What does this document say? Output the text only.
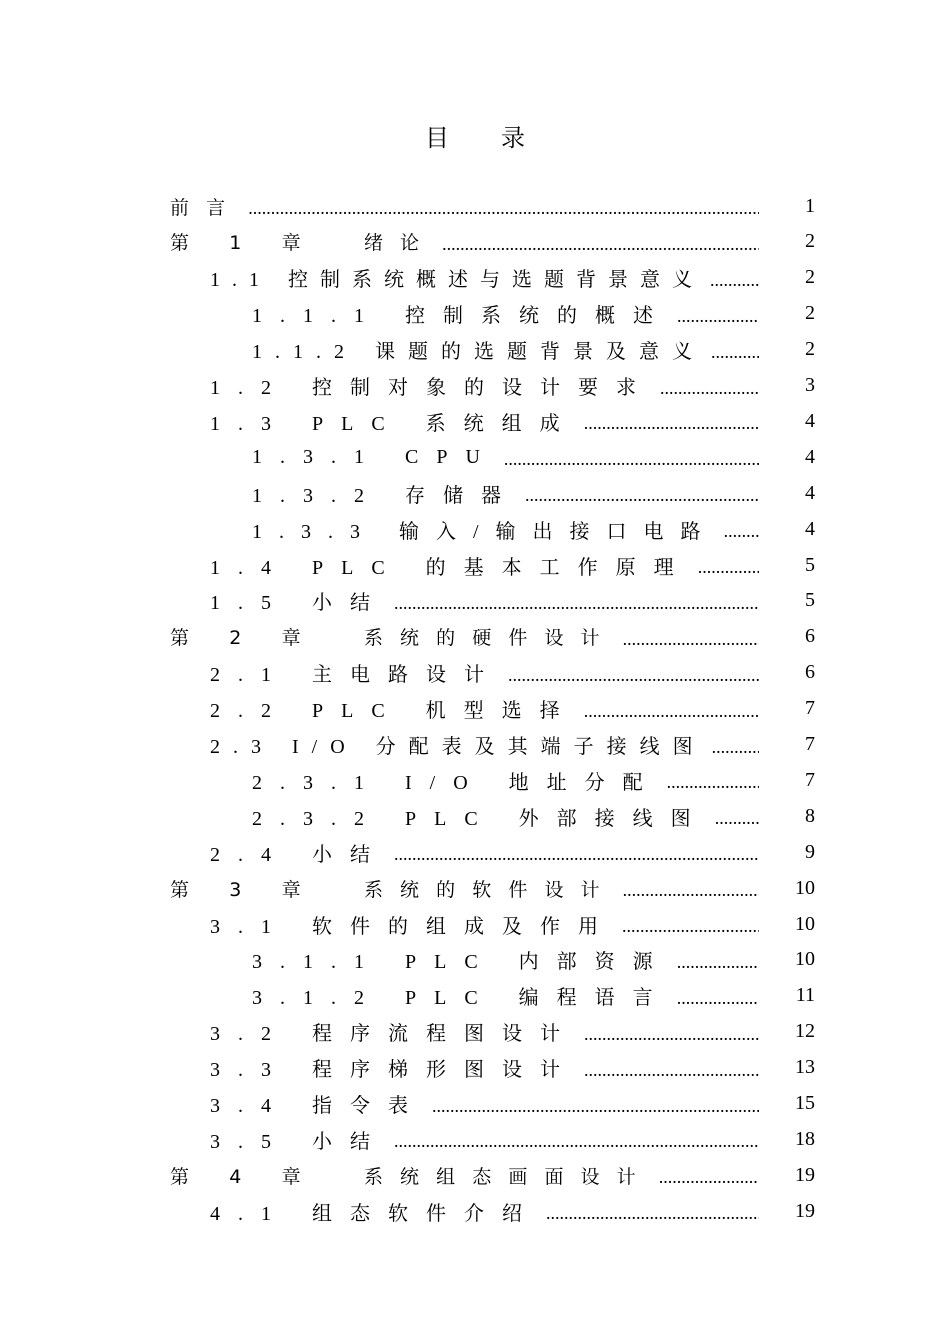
目 录
前言 .....	1
第 1 章  绪论 .....	2
1.1 控制系统概述与选题背景意义 .....	2
1.1.1 控制系统的概述 .....	2
1.1.2 课题的选题背景及意义 .....	2
1.2 控制对象的设计要求 .....	3
1.3 PLC 系统组成 .....	4
1.3.1 CPU .....	4
1.3.2 存储器 .....	4
1.3.3 输入/输出接口电路 .....	4
1.4 PLC 的基本工作原理 .....	5
1.5 小结 .....	5
第 2 章  系统的硬件设计 .....	6
2.1 主电路设计 .....	6
2.2 PLC 机型选择 .....	7
2.3 I/O 分配表及其端子接线图 .....	7
2.3.1 I/O 地址分配 .....	7
2.3.2 PLC 外部接线图 .....	8
2.4 小结 .....	9
第 3 章  系统的软件设计 .....	10
3.1 软件的组成及作用 .....	10
3.1.1 PLC 内部资源 .....	10
3.1.2 PLC 编程语言 .....	11
3.2 程序流程图设计 .....	12
3.3 程序梯形图设计 .....	13
3.4 指令表 .....	15
3.5 小结 .....	18
第 4 章  系统组态画面设计 .....	19
4.1 组态软件介绍 .....	19
